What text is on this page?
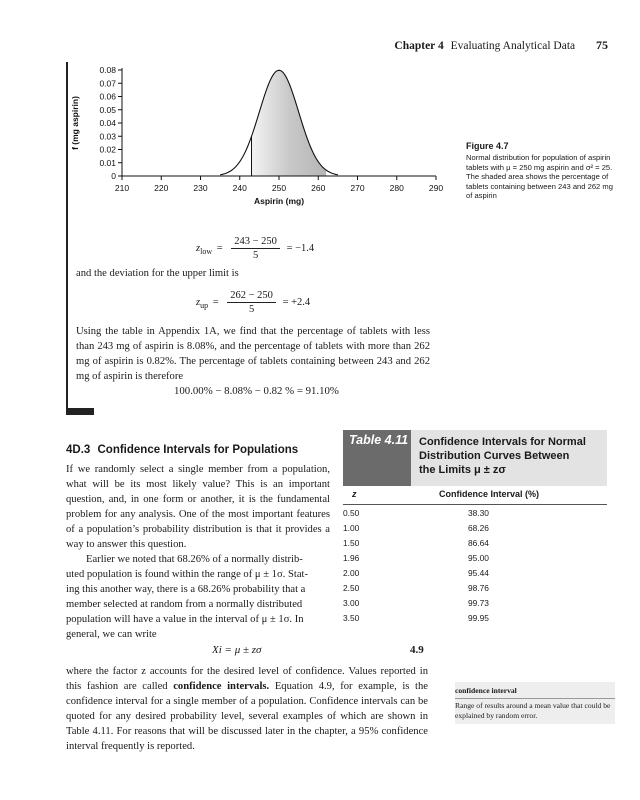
Chapter 4 Evaluating Analytical Data 75
210	220	230	240	250	260	270	280	290
0
0.01
0.02
0.03
0.04
0.05
0.06
0.07
0.08
Aspirin (mg)
f (mg aspirin)	Figure 4.7
Normal distribution for population of aspirin tablets with μ = 250 mg aspirin and σ² = 25. The shaded area shows the percentage of tablets containing between 243 and 262 mg of aspirin
$z_{low} = \frac{243 - 250}{5} = -1.4$
and the deviation for the upper limit is
$z_{up} = \frac{262 - 250}{5} = +2.4$
Using the table in Appendix 1A, we find that the percentage of tablets with less than 243 mg of aspirin is 8.08%, and the percentage of tablets with more than 262 mg of aspirin is 0.82%. The percentage of tablets containing between 243 and 262 mg of aspirin is therefore
100.00% − 8.08% − 0.82 % = 91.10%
4D.3 Confidence Intervals for Populations
If we randomly select a single member from a population, what will be its most likely value? This is an important question, and, in one form or another, it is the fundamental problem for any analysis. One of the most important features of a population’s probability distribution is that it provides a way to answer this question.
Earlier we noted that 68.26% of a normally distrib-
uted population is found within the range of μ ± 1σ. Stat-
ing this another way, there is a 68.26% probability that a
member selected at random from a normally distributed
population will have a value in the interval of μ ± 1σ. In
general, we can write
Xi = μ ± zσ	4.9
where the factor z accounts for the desired level of confidence. Values reported in this fashion are called confidence intervals. Equation 4.9, for example, is the confidence interval for a single member of a population. Confidence intervals can be quoted for any desired probability level, several examples of which are shown in Table 4.11. For reasons that will be discussed later in the chapter, a 95% confidence interval frequently is reported.
Table 4.11 Confidence Intervals for Normal
Distribution Curves Between
the Limits μ ± zσ
z	Confidence Interval (%)
0.50	38.30
1.00	68.26
1.50	86.64
1.96	95.00
2.00	95.44
2.50	98.76
3.00	99.73
3.50	99.95
confidence interval
Range of results around a mean value that could be explained by random error.
